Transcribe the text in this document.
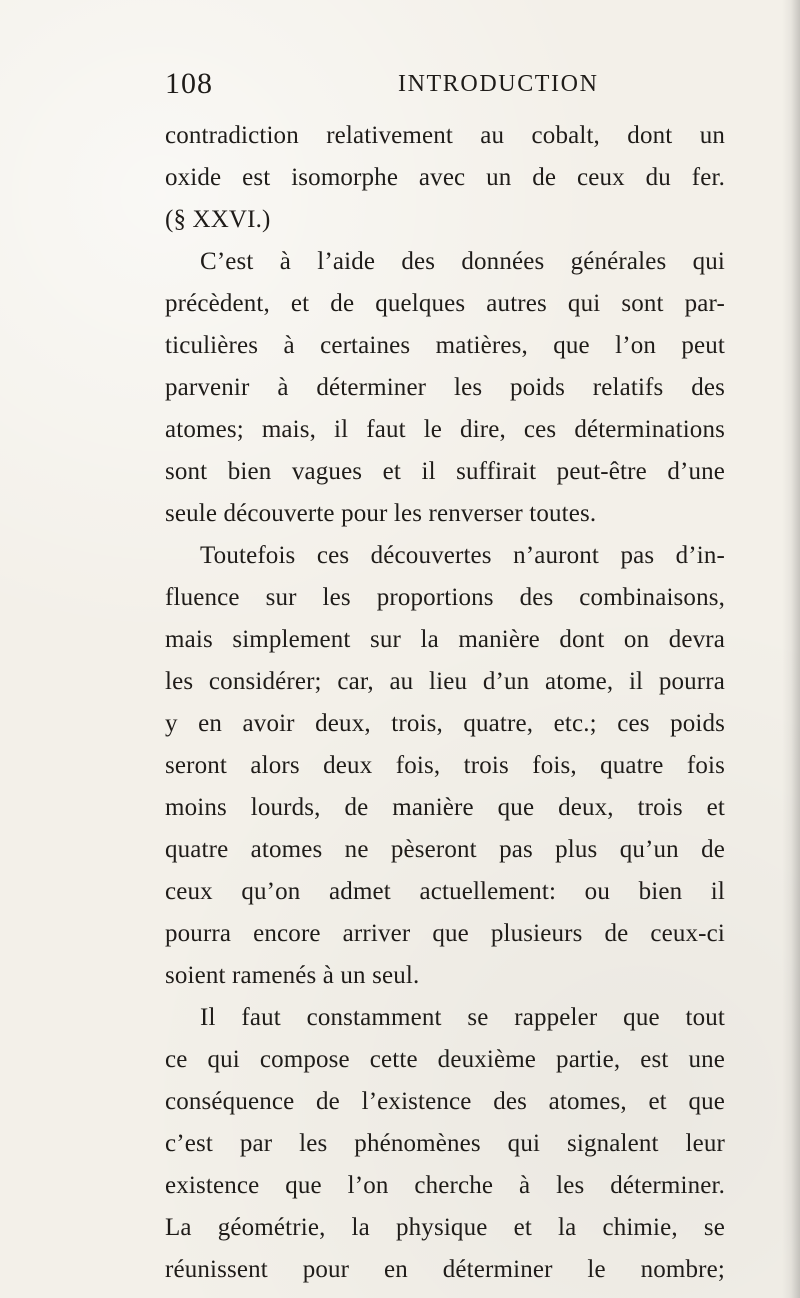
108	INTRODUCTION
contradiction relativement au cobalt, dont un
oxide est isomorphe avec un de ceux du fer.
(§ XXVI.)
C’est à l’aide des données générales qui
précèdent, et de quelques autres qui sont par-
ticulières à certaines matières, que l’on peut
parvenir à déterminer les poids relatifs des
atomes; mais, il faut le dire, ces déterminations
sont bien vagues et il suffirait peut-être d’une
seule découverte pour les renverser toutes.
Toutefois ces découvertes n’auront pas d’in-
fluence sur les proportions des combinaisons,
mais simplement sur la manière dont on devra
les considérer; car, au lieu d’un atome, il pourra
y en avoir deux, trois, quatre, etc.; ces poids
seront alors deux fois, trois fois, quatre fois
moins lourds, de manière que deux, trois et
quatre atomes ne pèseront pas plus qu’un de
ceux qu’on admet actuellement: ou bien il
pourra encore arriver que plusieurs de ceux-ci
soient ramenés à un seul.
Il faut constamment se rappeler que tout
ce qui compose cette deuxième partie, est une
conséquence de l’existence des atomes, et que
c’est par les phénomènes qui signalent leur
existence que l’on cherche à les déterminer.
La géométrie, la physique et la chimie, se
réunissent pour en déterminer le nombre;
